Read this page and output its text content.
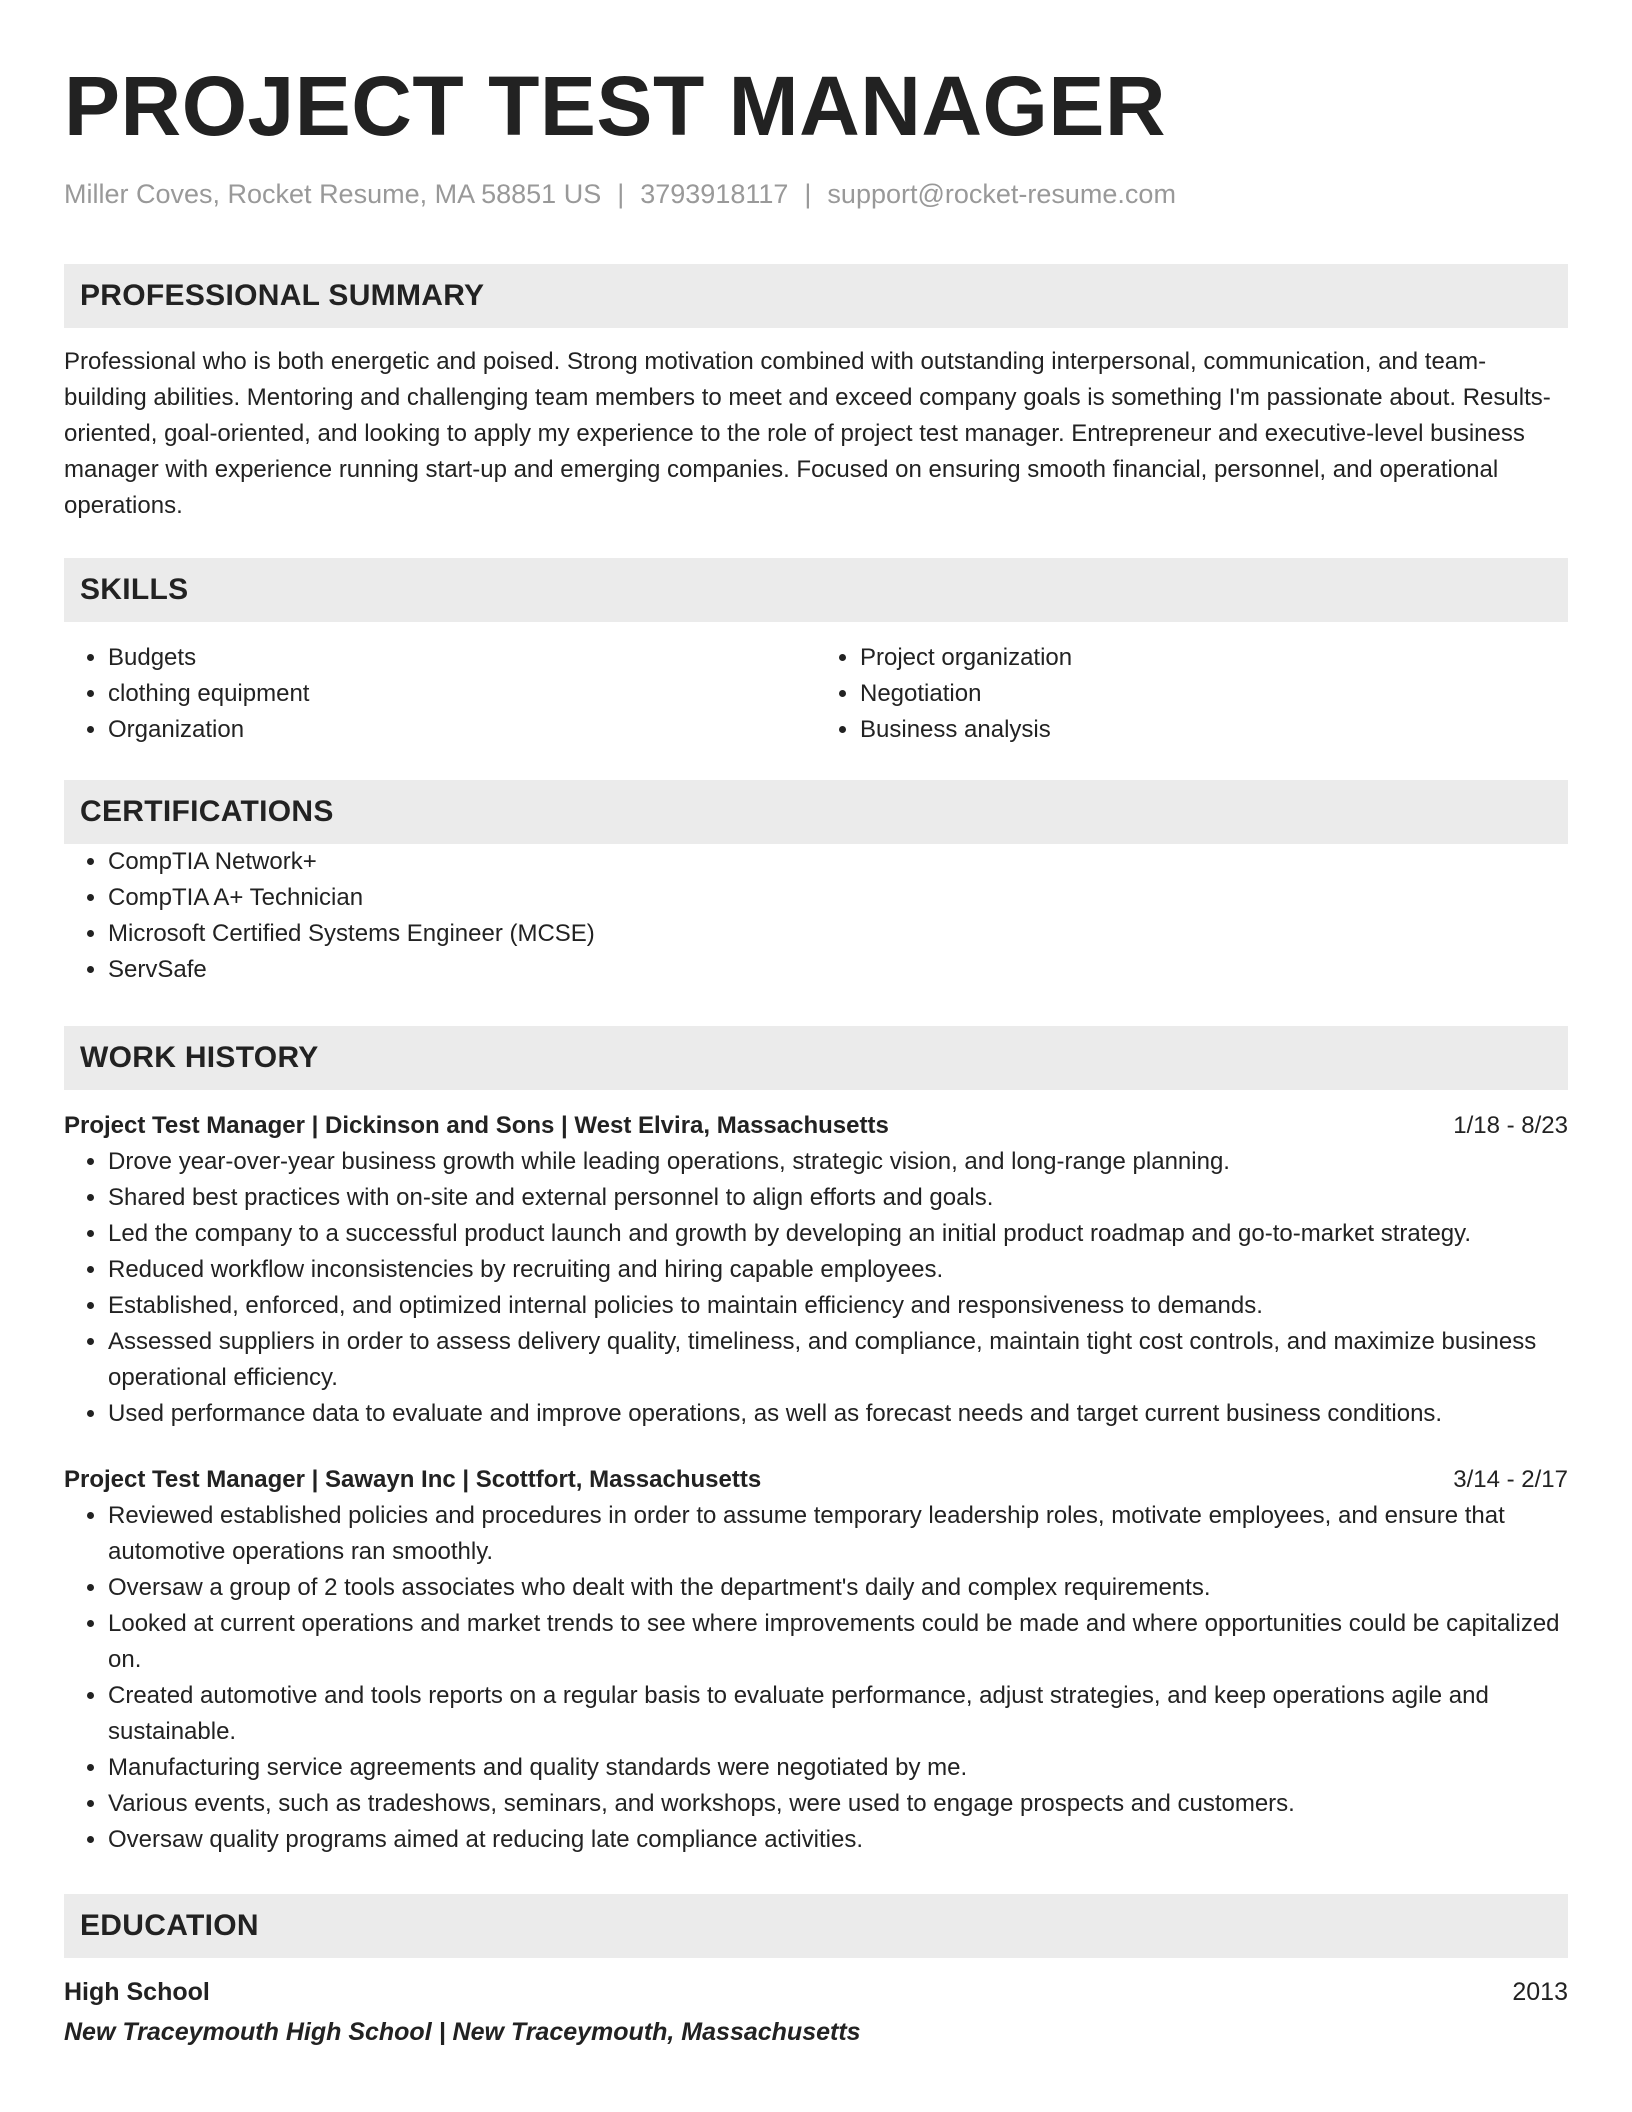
PROJECT TEST MANAGER
Miller Coves, Rocket Resume, MA 58851 US | 3793918117 | support@rocket-resume.com
PROFESSIONAL SUMMARY
Professional who is both energetic and poised. Strong motivation combined with outstanding interpersonal, communication, and team-building abilities. Mentoring and challenging team members to meet and exceed company goals is something I'm passionate about. Results-oriented, goal-oriented, and looking to apply my experience to the role of project test manager. Entrepreneur and executive-level business manager with experience running start-up and emerging companies. Focused on ensuring smooth financial, personnel, and operational operations.
SKILLS
• Budgets
• clothing equipment
• Organization
• Project organization
• Negotiation
• Business analysis
CERTIFICATIONS
• CompTIA Network+
• CompTIA A+ Technician
• Microsoft Certified Systems Engineer (MCSE)
• ServSafe
WORK HISTORY
Project Test Manager | Dickinson and Sons | West Elvira, Massachusetts	1/18 - 8/23
• Drove year-over-year business growth while leading operations, strategic vision, and long-range planning.
• Shared best practices with on-site and external personnel to align efforts and goals.
• Led the company to a successful product launch and growth by developing an initial product roadmap and go-to-market strategy.
• Reduced workflow inconsistencies by recruiting and hiring capable employees.
• Established, enforced, and optimized internal policies to maintain efficiency and responsiveness to demands.
• Assessed suppliers in order to assess delivery quality, timeliness, and compliance, maintain tight cost controls, and maximize business operational efficiency.
• Used performance data to evaluate and improve operations, as well as forecast needs and target current business conditions.
Project Test Manager | Sawayn Inc | Scottfort, Massachusetts	3/14 - 2/17
• Reviewed established policies and procedures in order to assume temporary leadership roles, motivate employees, and ensure that automotive operations ran smoothly.
• Oversaw a group of 2 tools associates who dealt with the department's daily and complex requirements.
• Looked at current operations and market trends to see where improvements could be made and where opportunities could be capitalized on.
• Created automotive and tools reports on a regular basis to evaluate performance, adjust strategies, and keep operations agile and sustainable.
• Manufacturing service agreements and quality standards were negotiated by me.
• Various events, such as tradeshows, seminars, and workshops, were used to engage prospects and customers.
• Oversaw quality programs aimed at reducing late compliance activities.
EDUCATION
High School	2013
New Traceymouth High School | New Traceymouth, Massachusetts
